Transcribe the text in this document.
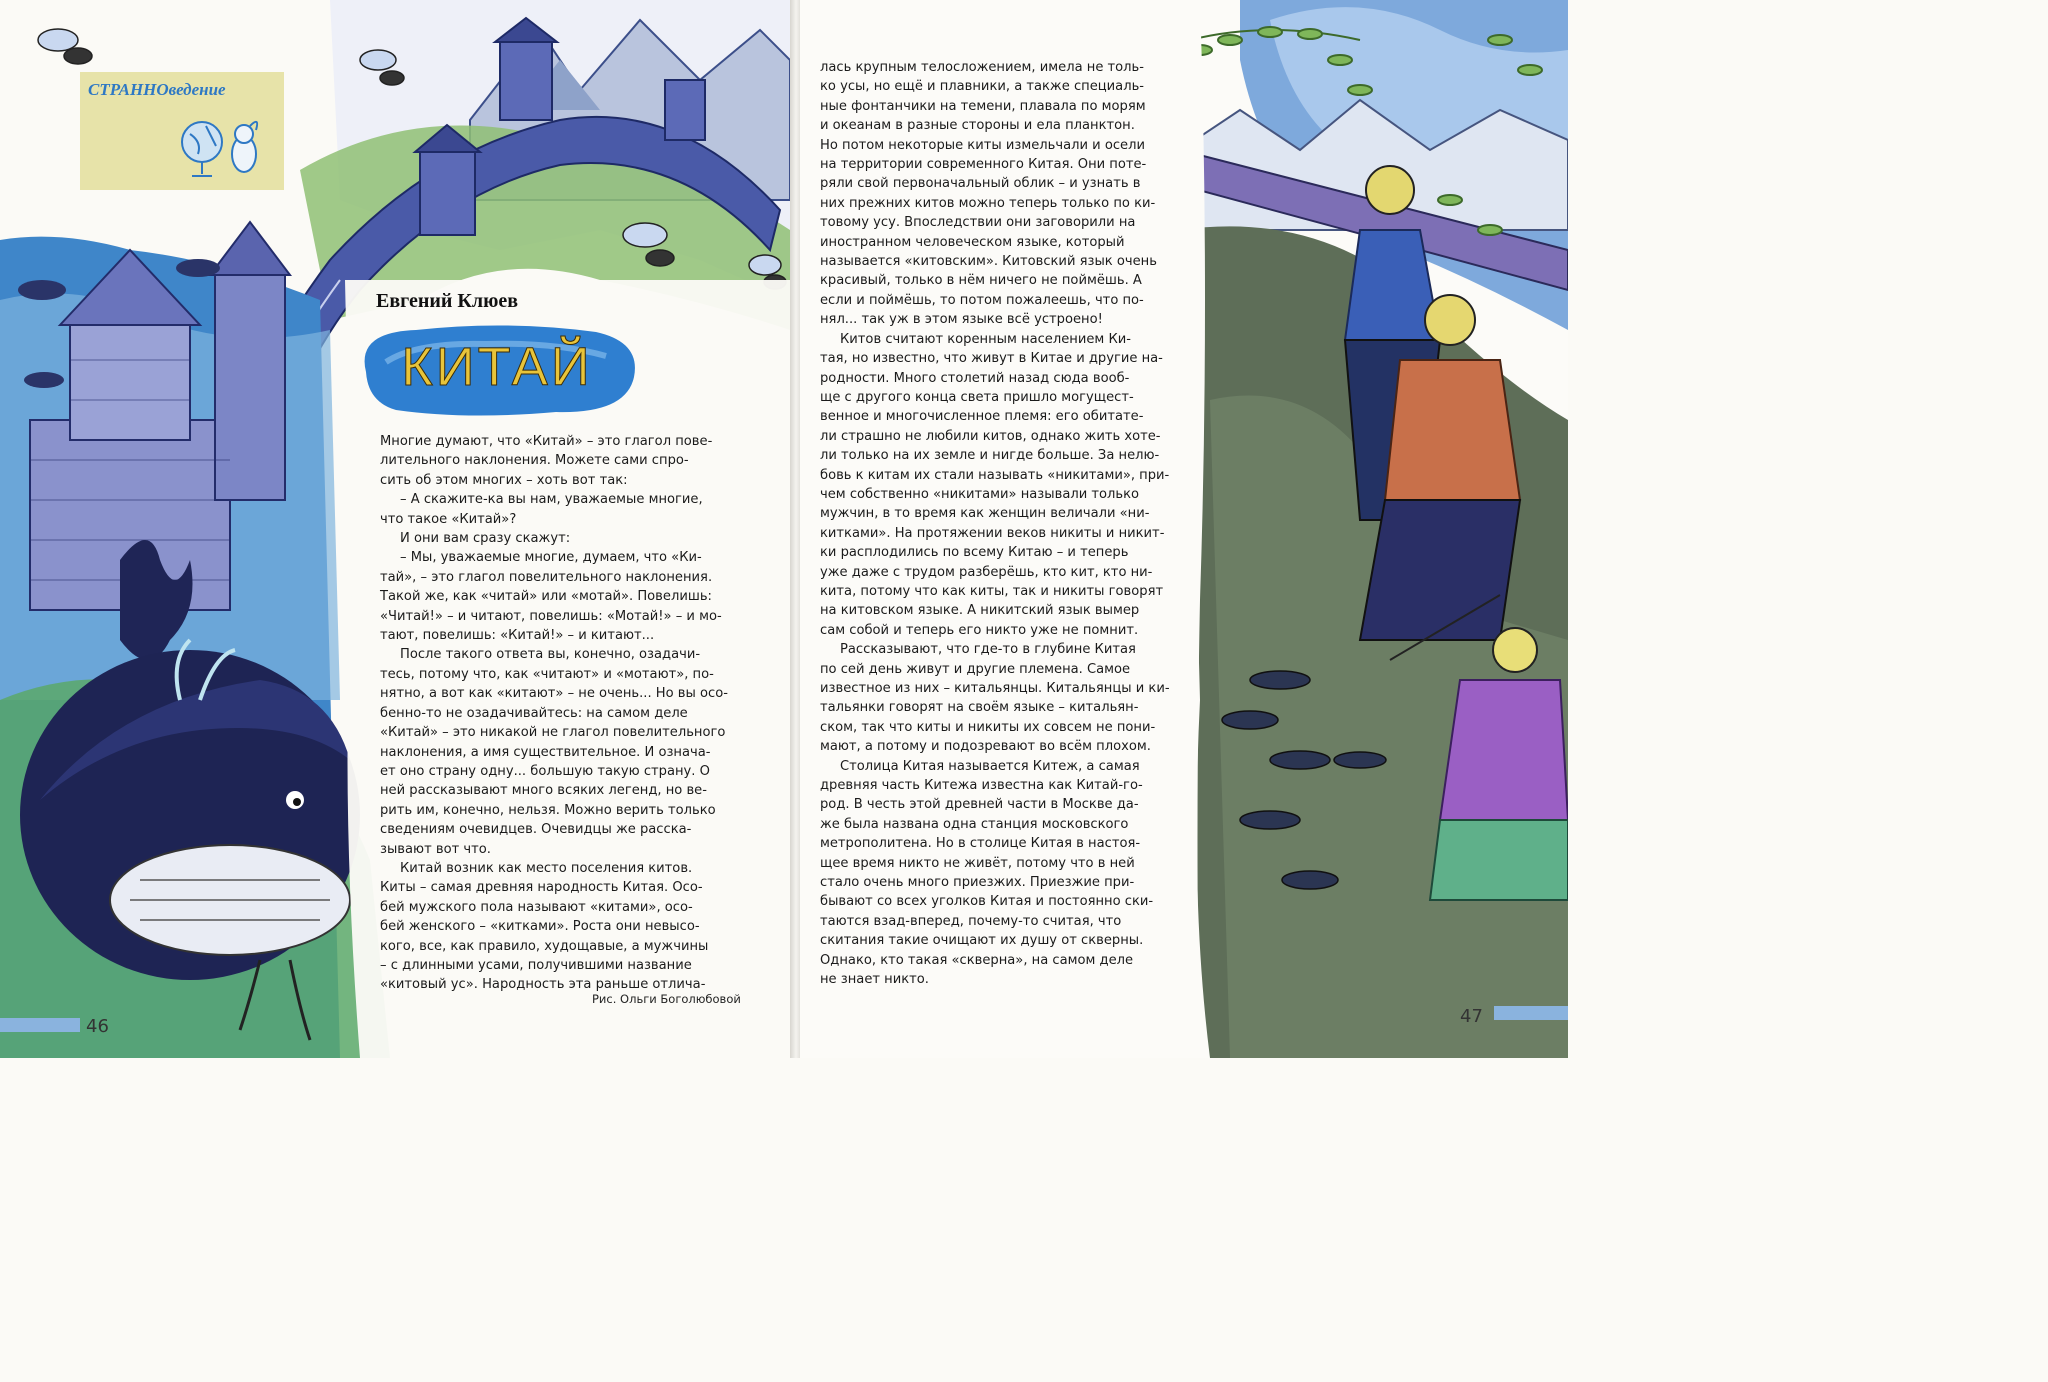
СТРАННОведение
Евгений Клюев
КИТАЙ

Многие думают, что «Китай» – это глагол пове-

лительного наклонения. Можете сами спро-

сить об этом многих – хоть вот так:

– А скажите-ка вы нам, уважаемые многие,

что такое «Китай»?

И они вам сразу скажут:

– Мы, уважаемые многие, думаем, что «Ки-

тай», – это глагол повелительного наклонения.

Такой же, как «читай» или «мотай». Повелишь:

«Читай!» – и читают, повелишь: «Мотай!» – и мо-

тают, повелишь: «Китай!» – и китают...

После такого ответа вы, конечно, озадачи-

тесь, потому что, как «читают» и «мотают», по-

нятно, а вот как «китают» – не очень... Но вы осо-

бенно-то не озадачивайтесь: на самом деле

«Китай» – это никакой не глагол повелительного

наклонения, а имя существительное. И означа-

ет оно страну одну... большую такую страну. О

ней рассказывают много всяких легенд, но ве-

рить им, конечно, нельзя. Можно верить только

сведениям очевидцев. Очевидцы же расска-

зывают вот что.

Китай возник как место поселения китов.

Киты – самая древняя народность Китая. Осо-

бей мужского пола называют «китами», осо-

бей женского – «китками». Роста они невысо-

кого, все, как правило, худощавые, а мужчины

– с длинными усами, получившими название

«китовый ус». Народность эта раньше отлича-

Рис. Ольги Боголюбовой
46

лась крупным телосложением, имела не толь-

ко усы, но ещё и плавники, а также специаль-

ные фонтанчики на темени, плавала по морям

и океанам в разные стороны и ела планктон.

Но потом некоторые киты измельчали и осели

на территории современного Китая. Они поте-

ряли свой первоначальный облик – и узнать в

них прежних китов можно теперь только по ки-

товому усу. Впоследствии они заговорили на

иностранном человеческом языке, который

называется «китовским». Китовский язык очень

красивый, только в нём ничего не поймёшь. А

если и поймёшь, то потом пожалеешь, что по-

нял... так уж в этом языке всё устроено!

Китов считают коренным населением Ки-

тая, но известно, что живут в Китае и другие на-

родности. Много столетий назад сюда вооб-

ще с другого конца света пришло могущест-

венное и многочисленное племя: его обитате-

ли страшно не любили китов, однако жить хоте-

ли только на их земле и нигде больше. За нелю-

бовь к китам их стали называть «никитами», при-

чем собственно «никитами» называли только

мужчин, в то время как женщин величали «ни-

китками». На протяжении веков никиты и никит-

ки расплодились по всему Китаю – и теперь

уже даже с трудом разберёшь, кто кит, кто ни-

кита, потому что как киты, так и никиты говорят

на китовском языке. А никитский язык вымер

сам собой и теперь его никто уже не помнит.

Рассказывают, что где-то в глубине Китая

по сей день живут и другие племена. Самое

известное из них – китальянцы. Китальянцы и ки-

тальянки говорят на своём языке – китальян-

ском, так что киты и никиты их совсем не пони-

мают, а потому и подозревают во всём плохом.

Столица Китая называется Китеж, а самая

древняя часть Китежа известна как Китай-го-

род. В честь этой древней части в Москве да-

же была названа одна станция московского

метрополитена. Но в столице Китая в настоя-

щее время никто не живёт, потому что в ней

стало очень много приезжих. Приезжие при-

бывают со всех уголков Китая и постоянно ски-

таются взад-вперед, почему-то считая, что

скитания такие очищают их душу от скверны.

Однако, кто такая «скверна», на самом деле

не знает никто.

47
